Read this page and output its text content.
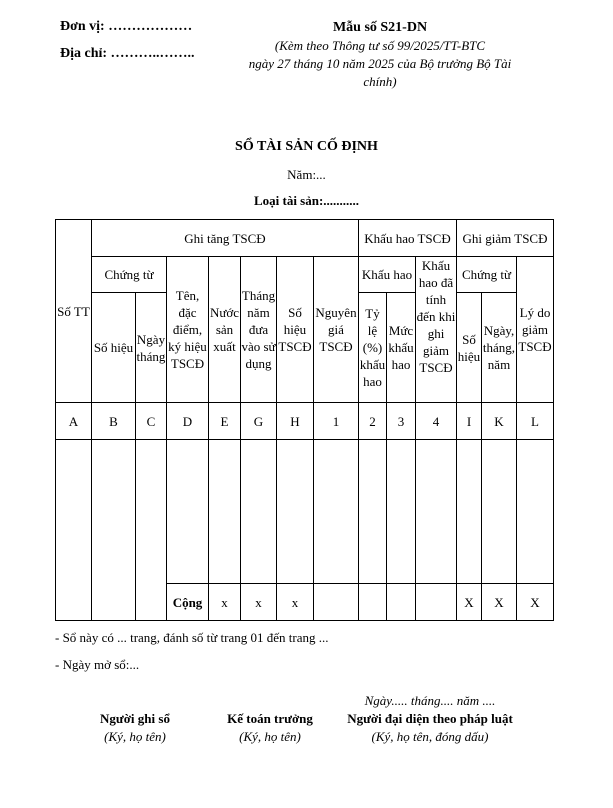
Đơn vị: ………………
Địa chỉ: ………..……..
Mẫu số S21-DN
(Kèm theo Thông tư số 99/2025/TT-BTC
ngày 27 tháng 10 năm 2025 của Bộ trưởng Bộ Tài
chính)
SỔ TÀI SẢN CỐ ĐỊNH
Năm:...
Loại tài sản:...........
Số TT	Ghi tăng TSCĐ							Khấu hao TSCĐ			Ghi giảm TSCĐ		
	Chứng từ		Tên, đặc điểm, ký hiệu TSCĐ	Nước sản xuất	Tháng năm đưa vào sử dụng	Số hiệu TSCĐ	Nguyên giá TSCĐ	Khấu hao		Khấu hao đã tính đến khi ghi giảm TSCĐ	Chứng từ		Lý do giảm TSCĐ
	Số hiệu	Ngày tháng						Tỷ lệ (%) khấu hao	Mức khấu hao		Số hiệu	Ngày, tháng, năm	
A	B	C	D	E	G	H	1	2	3	4	I	K	L

			Cộng	x	x	x					X	X	X
- Sổ này có ... trang, đánh số từ trang 01 đến trang ...
- Ngày mở sổ:...
Ngày..... tháng.... năm ....
Người ghi sổ
(Ký, họ tên)
Kế toán trưởng
(Ký, họ tên)
Người đại diện theo pháp luật
(Ký, họ tên, đóng dấu)
